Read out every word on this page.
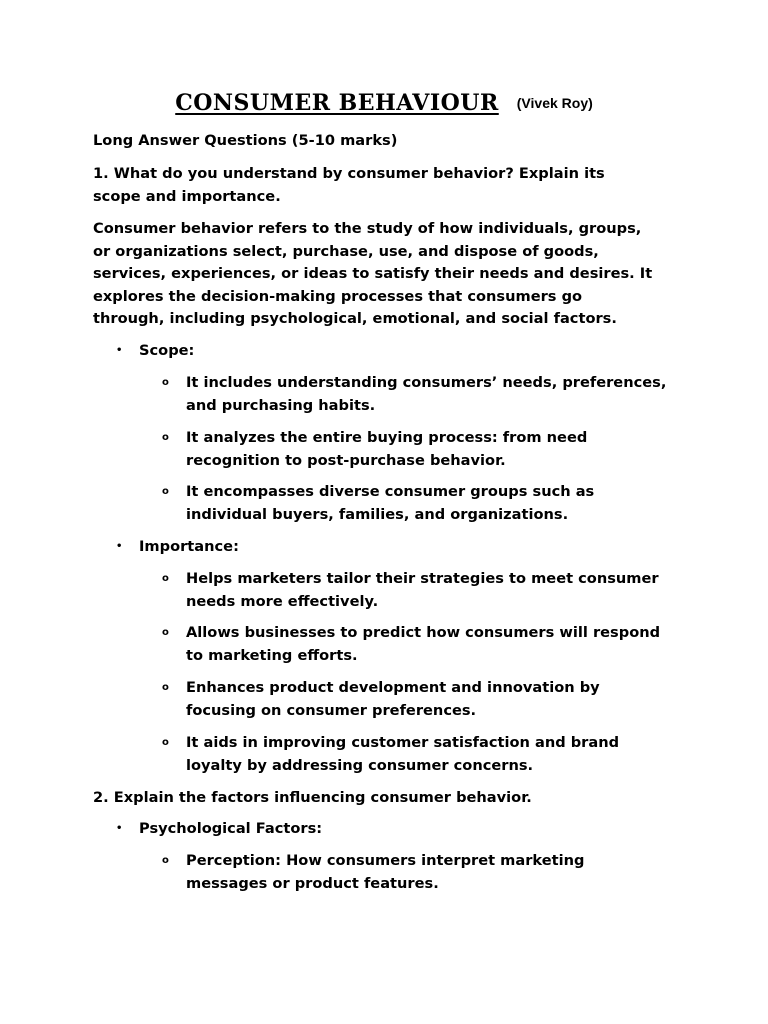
CONSUMER BEHAVIOUR (Vivek Roy)
Long Answer Questions (5-10 marks)
1. What do you understand by consumer behavior? Explain its scope and importance.
Consumer behavior refers to the study of how individuals, groups, or organizations select, purchase, use, and dispose of goods, services, experiences, or ideas to satisfy their needs and desires. It explores the decision-making processes that consumers go through, including psychological, emotional, and social factors.
• Scope:
o It includes understanding consumers’ needs, preferences, and purchasing habits.
o It analyzes the entire buying process: from need recognition to post-purchase behavior.
o It encompasses diverse consumer groups such as individual buyers, families, and organizations.
• Importance:
o Helps marketers tailor their strategies to meet consumer needs more effectively.
o Allows businesses to predict how consumers will respond to marketing efforts.
o Enhances product development and innovation by focusing on consumer preferences.
o It aids in improving customer satisfaction and brand loyalty by addressing consumer concerns.
2. Explain the factors influencing consumer behavior.
• Psychological Factors:
o Perception: How consumers interpret marketing messages or product features.
